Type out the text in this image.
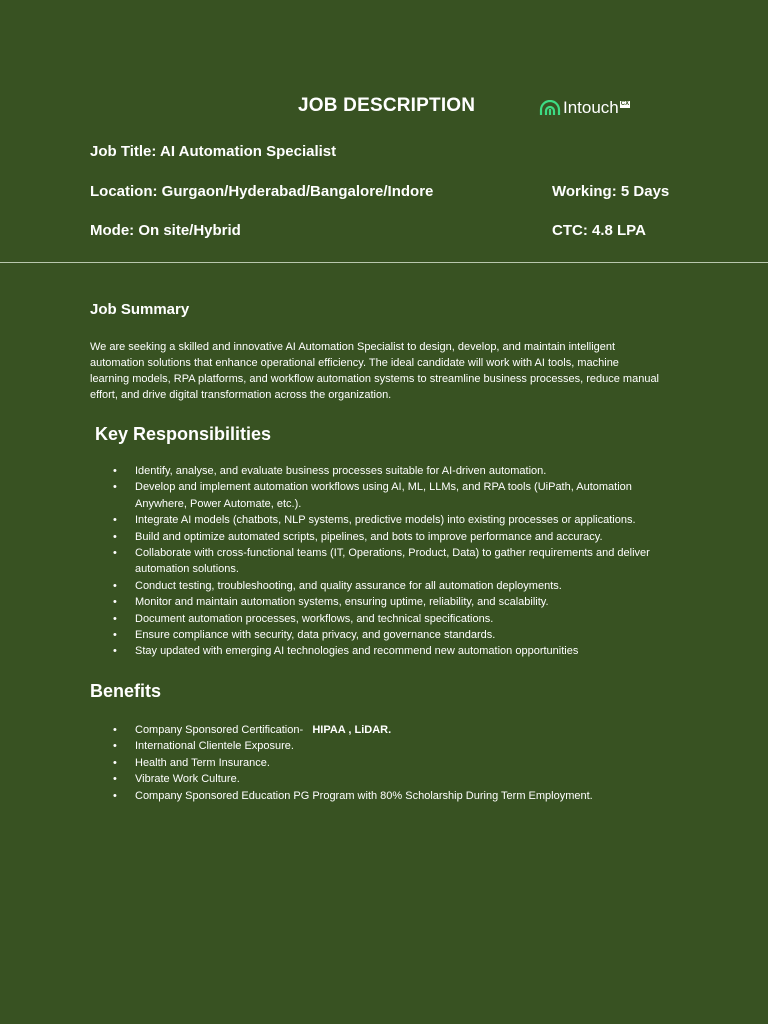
JOB DESCRIPTION	Intouch CX
Job Title: AI Automation Specialist
Location: Gurgaon/Hyderabad/Bangalore/Indore	Working: 5 Days
Mode: On site/Hybrid	CTC: 4.8 LPA
Job Summary
We are seeking a skilled and innovative AI Automation Specialist to design, develop, and maintain intelligent automation solutions that enhance operational efficiency. The ideal candidate will work with AI tools, machine learning models, RPA platforms, and workflow automation systems to streamline business processes, reduce manual effort, and drive digital transformation across the organization.
Key Responsibilities
• Identify, analyse, and evaluate business processes suitable for AI-driven automation.
• Develop and implement automation workflows using AI, ML, LLMs, and RPA tools (UiPath, Automation Anywhere, Power Automate, etc.).
• Integrate AI models (chatbots, NLP systems, predictive models) into existing processes or applications.
• Build and optimize automated scripts, pipelines, and bots to improve performance and accuracy.
• Collaborate with cross-functional teams (IT, Operations, Product, Data) to gather requirements and deliver automation solutions.
• Conduct testing, troubleshooting, and quality assurance for all automation deployments.
• Monitor and maintain automation systems, ensuring uptime, reliability, and scalability.
• Document automation processes, workflows, and technical specifications.
• Ensure compliance with security, data privacy, and governance standards.
• Stay updated with emerging AI technologies and recommend new automation opportunities
Benefits
• Company Sponsored Certification- HIPAA , LiDAR.
• International Clientele Exposure.
• Health and Term Insurance.
• Vibrate Work Culture.
• Company Sponsored Education PG Program with 80% Scholarship During Term Employment.
